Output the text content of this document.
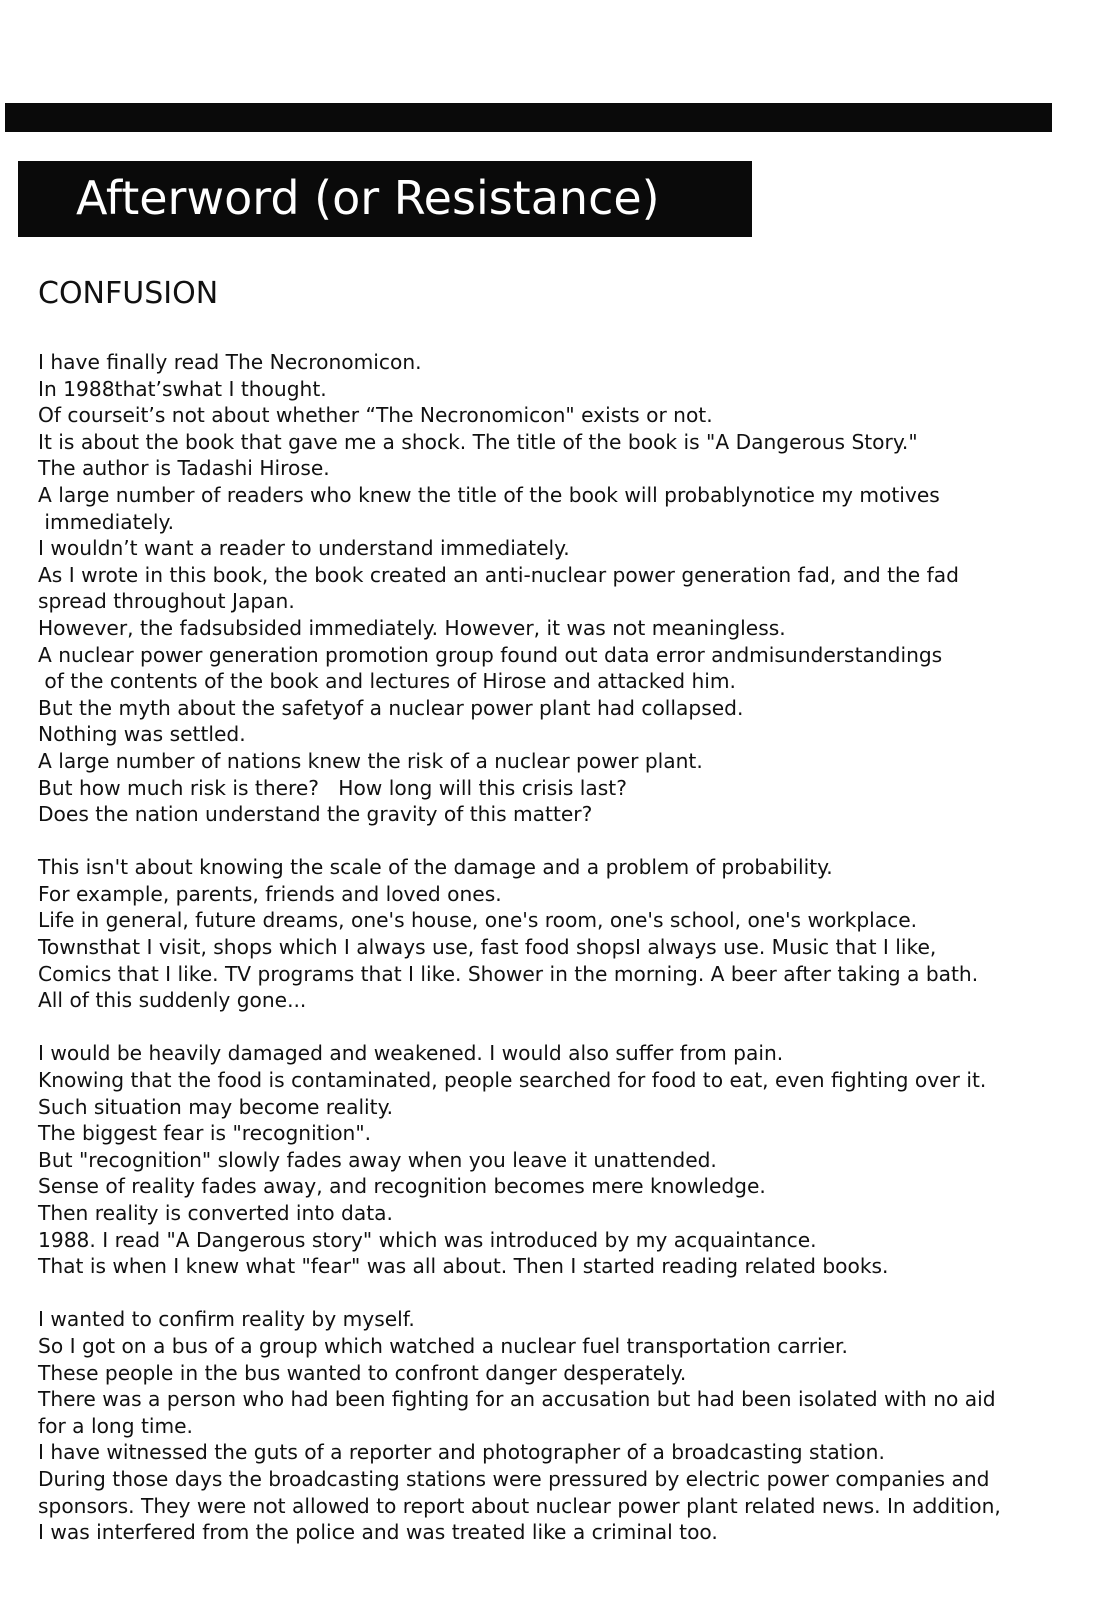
Afterword (or Resistance)
CONFUSION
I have finally read The Necronomicon.
In 1988that’swhat I thought.
Of courseit’s not about whether “The Necronomicon" exists or not.
It is about the book that gave me a shock. The title of the book is "A Dangerous Story."
The author is Tadashi Hirose.
A large number of readers who knew the title of the book will probablynotice my motives
immediately.
I wouldn’t want a reader to understand immediately.
As I wrote in this book, the book created an anti-nuclear power generation fad, and the fad
spread throughout Japan.
However, the fadsubsided immediately. However, it was not meaningless.
A nuclear power generation promotion group found out data error andmisunderstandings
of the contents of the book and lectures of Hirose and attacked him.
But the myth about the safetyof a nuclear power plant had collapsed.
Nothing was settled.
A large number of nations knew the risk of a nuclear power plant.
But how much risk is there?   How long will this crisis last?
Does the nation understand the gravity of this matter?
This isn't about knowing the scale of the damage and a problem of probability.
For example, parents, friends and loved ones.
Life in general, future dreams, one's house, one's room, one's school, one's workplace.
Townsthat I visit, shops which I always use, fast food shopsI always use. Music that I like,
Comics that I like. TV programs that I like. Shower in the morning. A beer after taking a bath.
All of this suddenly gone...
I would be heavily damaged and weakened. I would also suffer from pain.
Knowing that the food is contaminated, people searched for food to eat, even fighting over it.
Such situation may become reality.
The biggest fear is "recognition".
But "recognition" slowly fades away when you leave it unattended.
Sense of reality fades away, and recognition becomes mere knowledge.
Then reality is converted into data.
1988. I read "A Dangerous story" which was introduced by my acquaintance.
That is when I knew what "fear" was all about. Then I started reading related books.
I wanted to confirm reality by myself.
So I got on a bus of a group which watched a nuclear fuel transportation carrier.
These people in the bus wanted to confront danger desperately.
There was a person who had been fighting for an accusation but had been isolated with no aid
for a long time.
I have witnessed the guts of a reporter and photographer of a broadcasting station.
During those days the broadcasting stations were pressured by electric power companies and
sponsors. They were not allowed to report about nuclear power plant related news. In addition,
I was interfered from the police and was treated like a criminal too.
